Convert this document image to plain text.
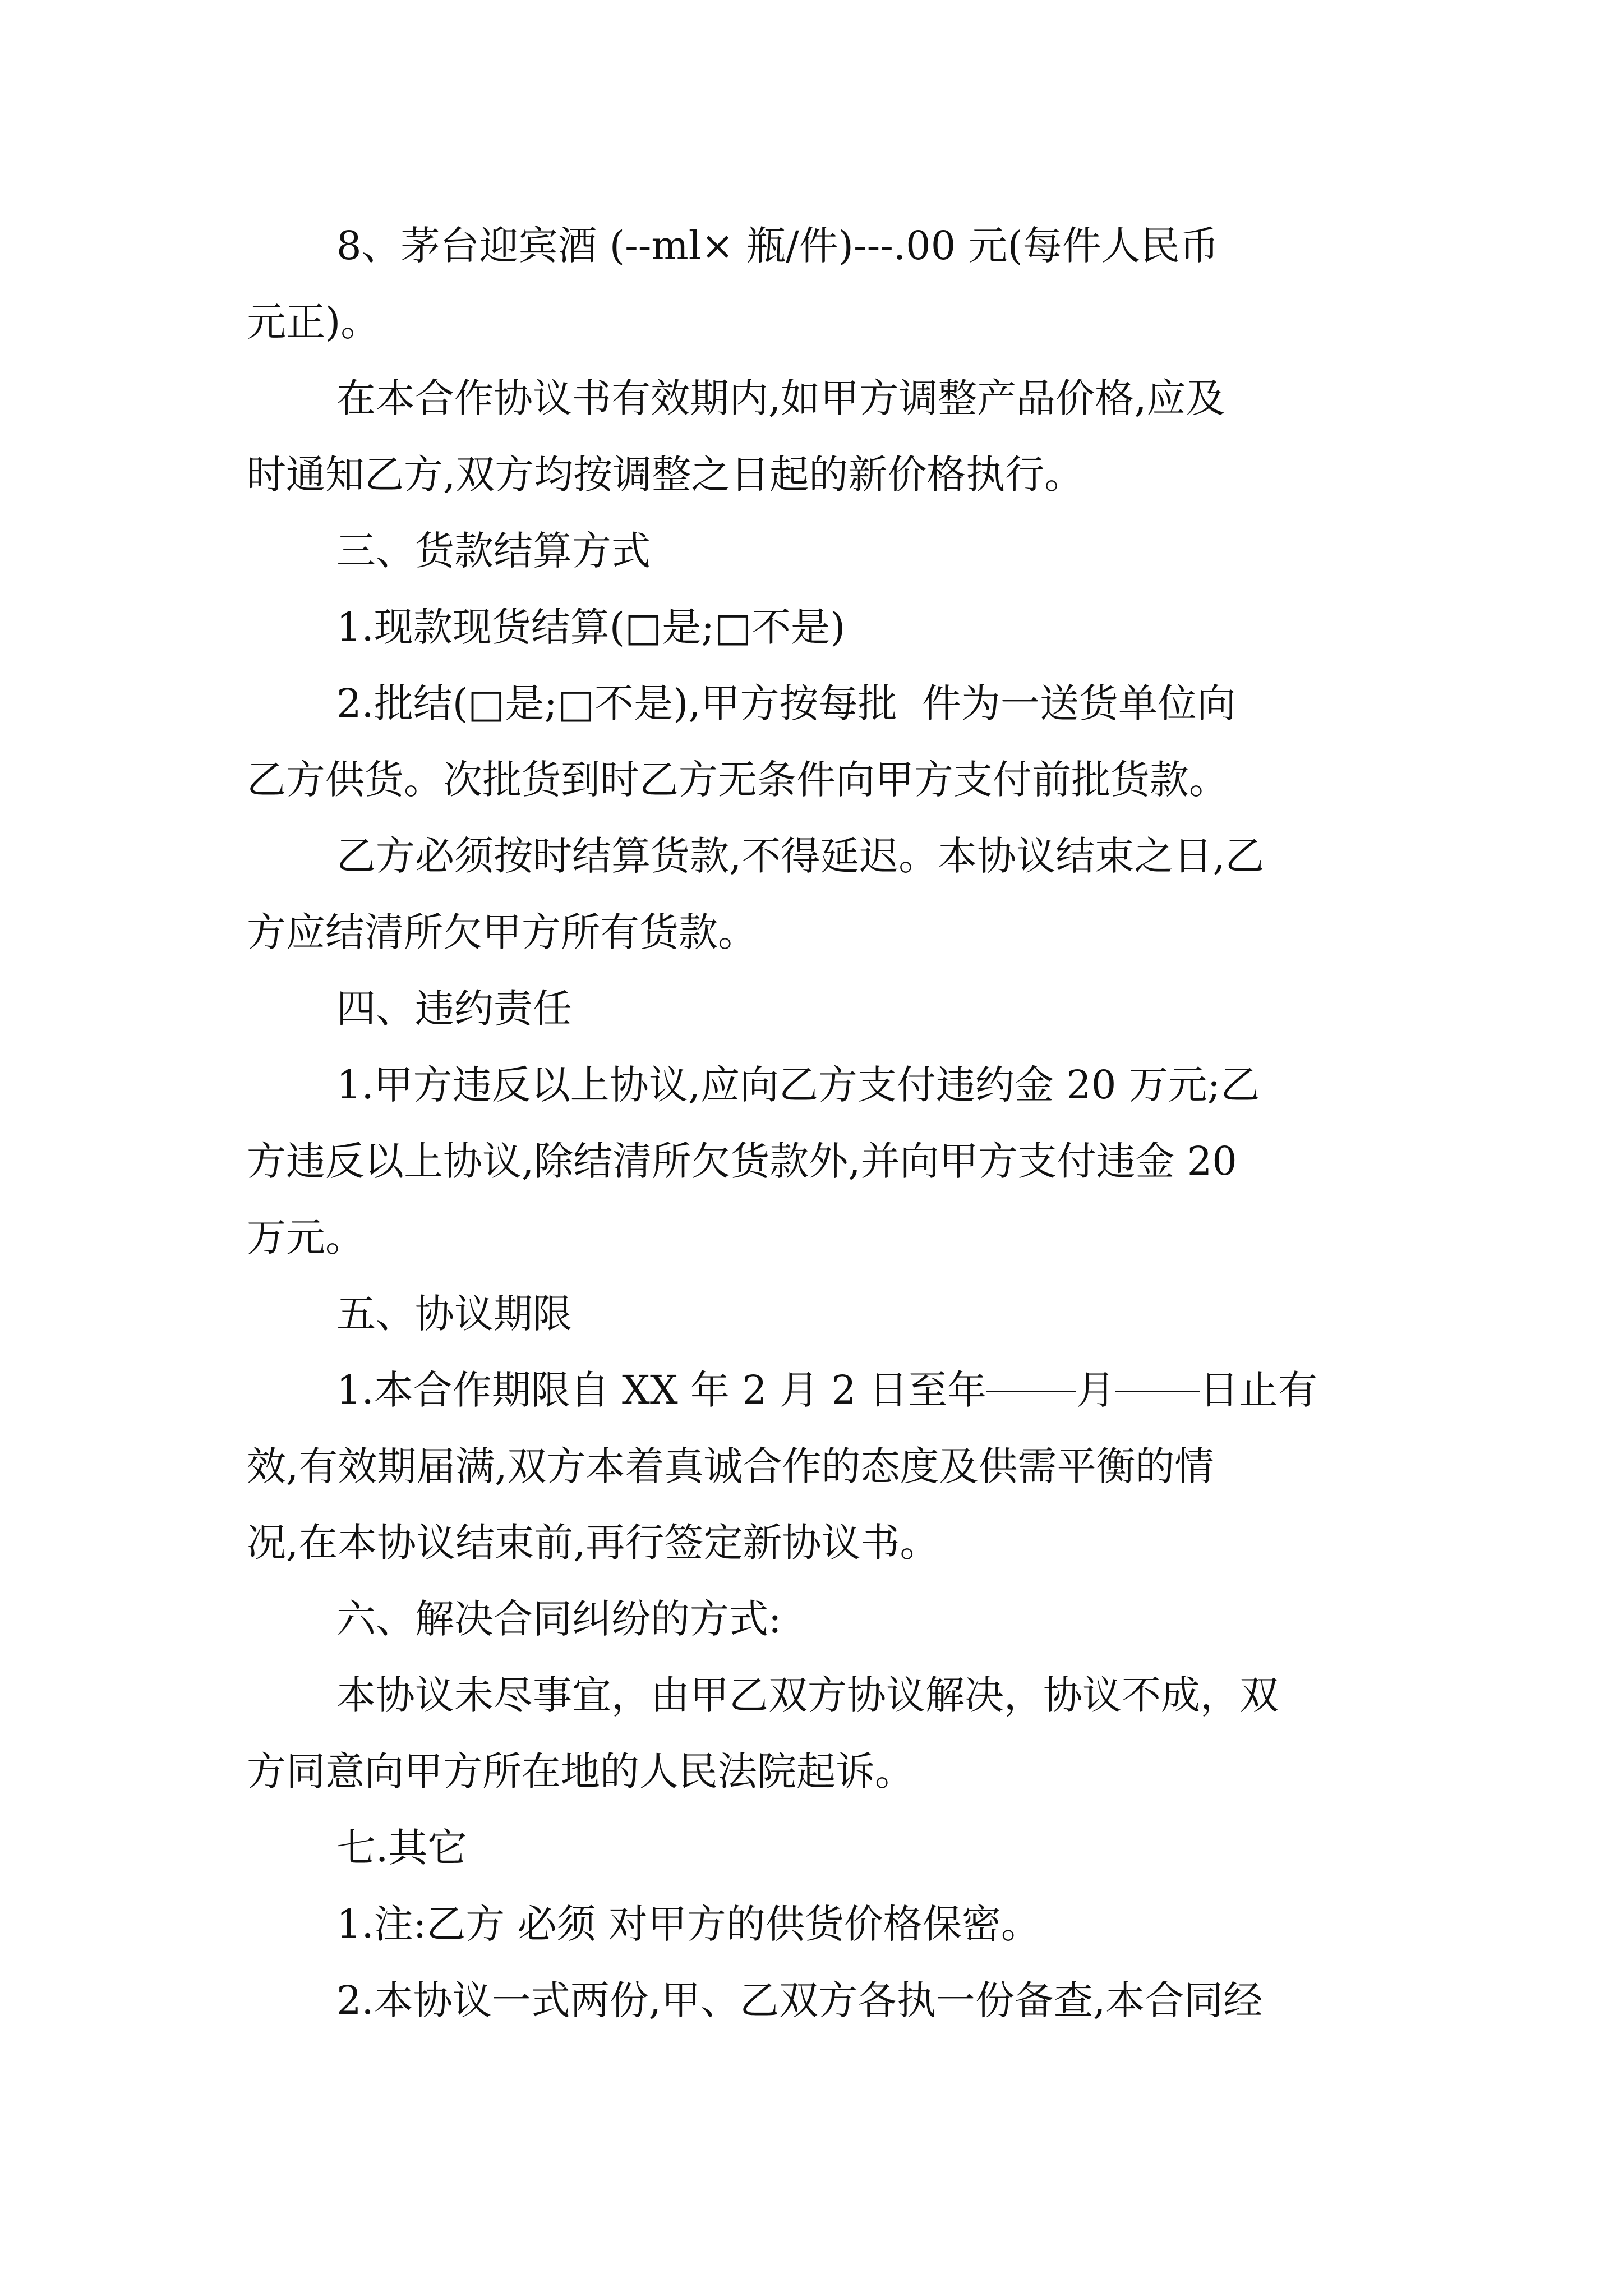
8、茅台迎宾酒 (--ml× 瓶/件)---.00 元(每件人民币

元正)。

在本合作协议书有效期内,如甲方调整产品价格,应及

时通知乙方,双方均按调整之日起的新价格执行。

三、货款结算方式

1.现款现货结算(□是;□不是)

2.批结(□是;□不是),甲方按每批  件为一送货单位向

乙方供货。次批货到时乙方无条件向甲方支付前批货款。

乙方必须按时结算货款,不得延迟。本协议结束之日,乙

方应结清所欠甲方所有货款。

四、违约责任

1.甲方违反以上协议,应向乙方支付违约金 20 万元;乙

方违反以上协议,除结清所欠货款外,并向甲方支付违金 20

万元。

五、协议期限

1.本合作期限自 XX 年 2 月 2 日至年 月 日止有

效,有效期届满,双方本着真诚合作的态度及供需平衡的情

况,在本协议结束前,再行签定新协议书。

六、解决合同纠纷的方式:

本协议未尽事宜，由甲乙双方协议解决，协议不成，双

方同意向甲方所在地的人民法院起诉。

七.其它

1.注:乙方 必须 对甲方的供货价格保密。

2.本协议一式两份,甲、乙双方各执一份备查,本合同经
